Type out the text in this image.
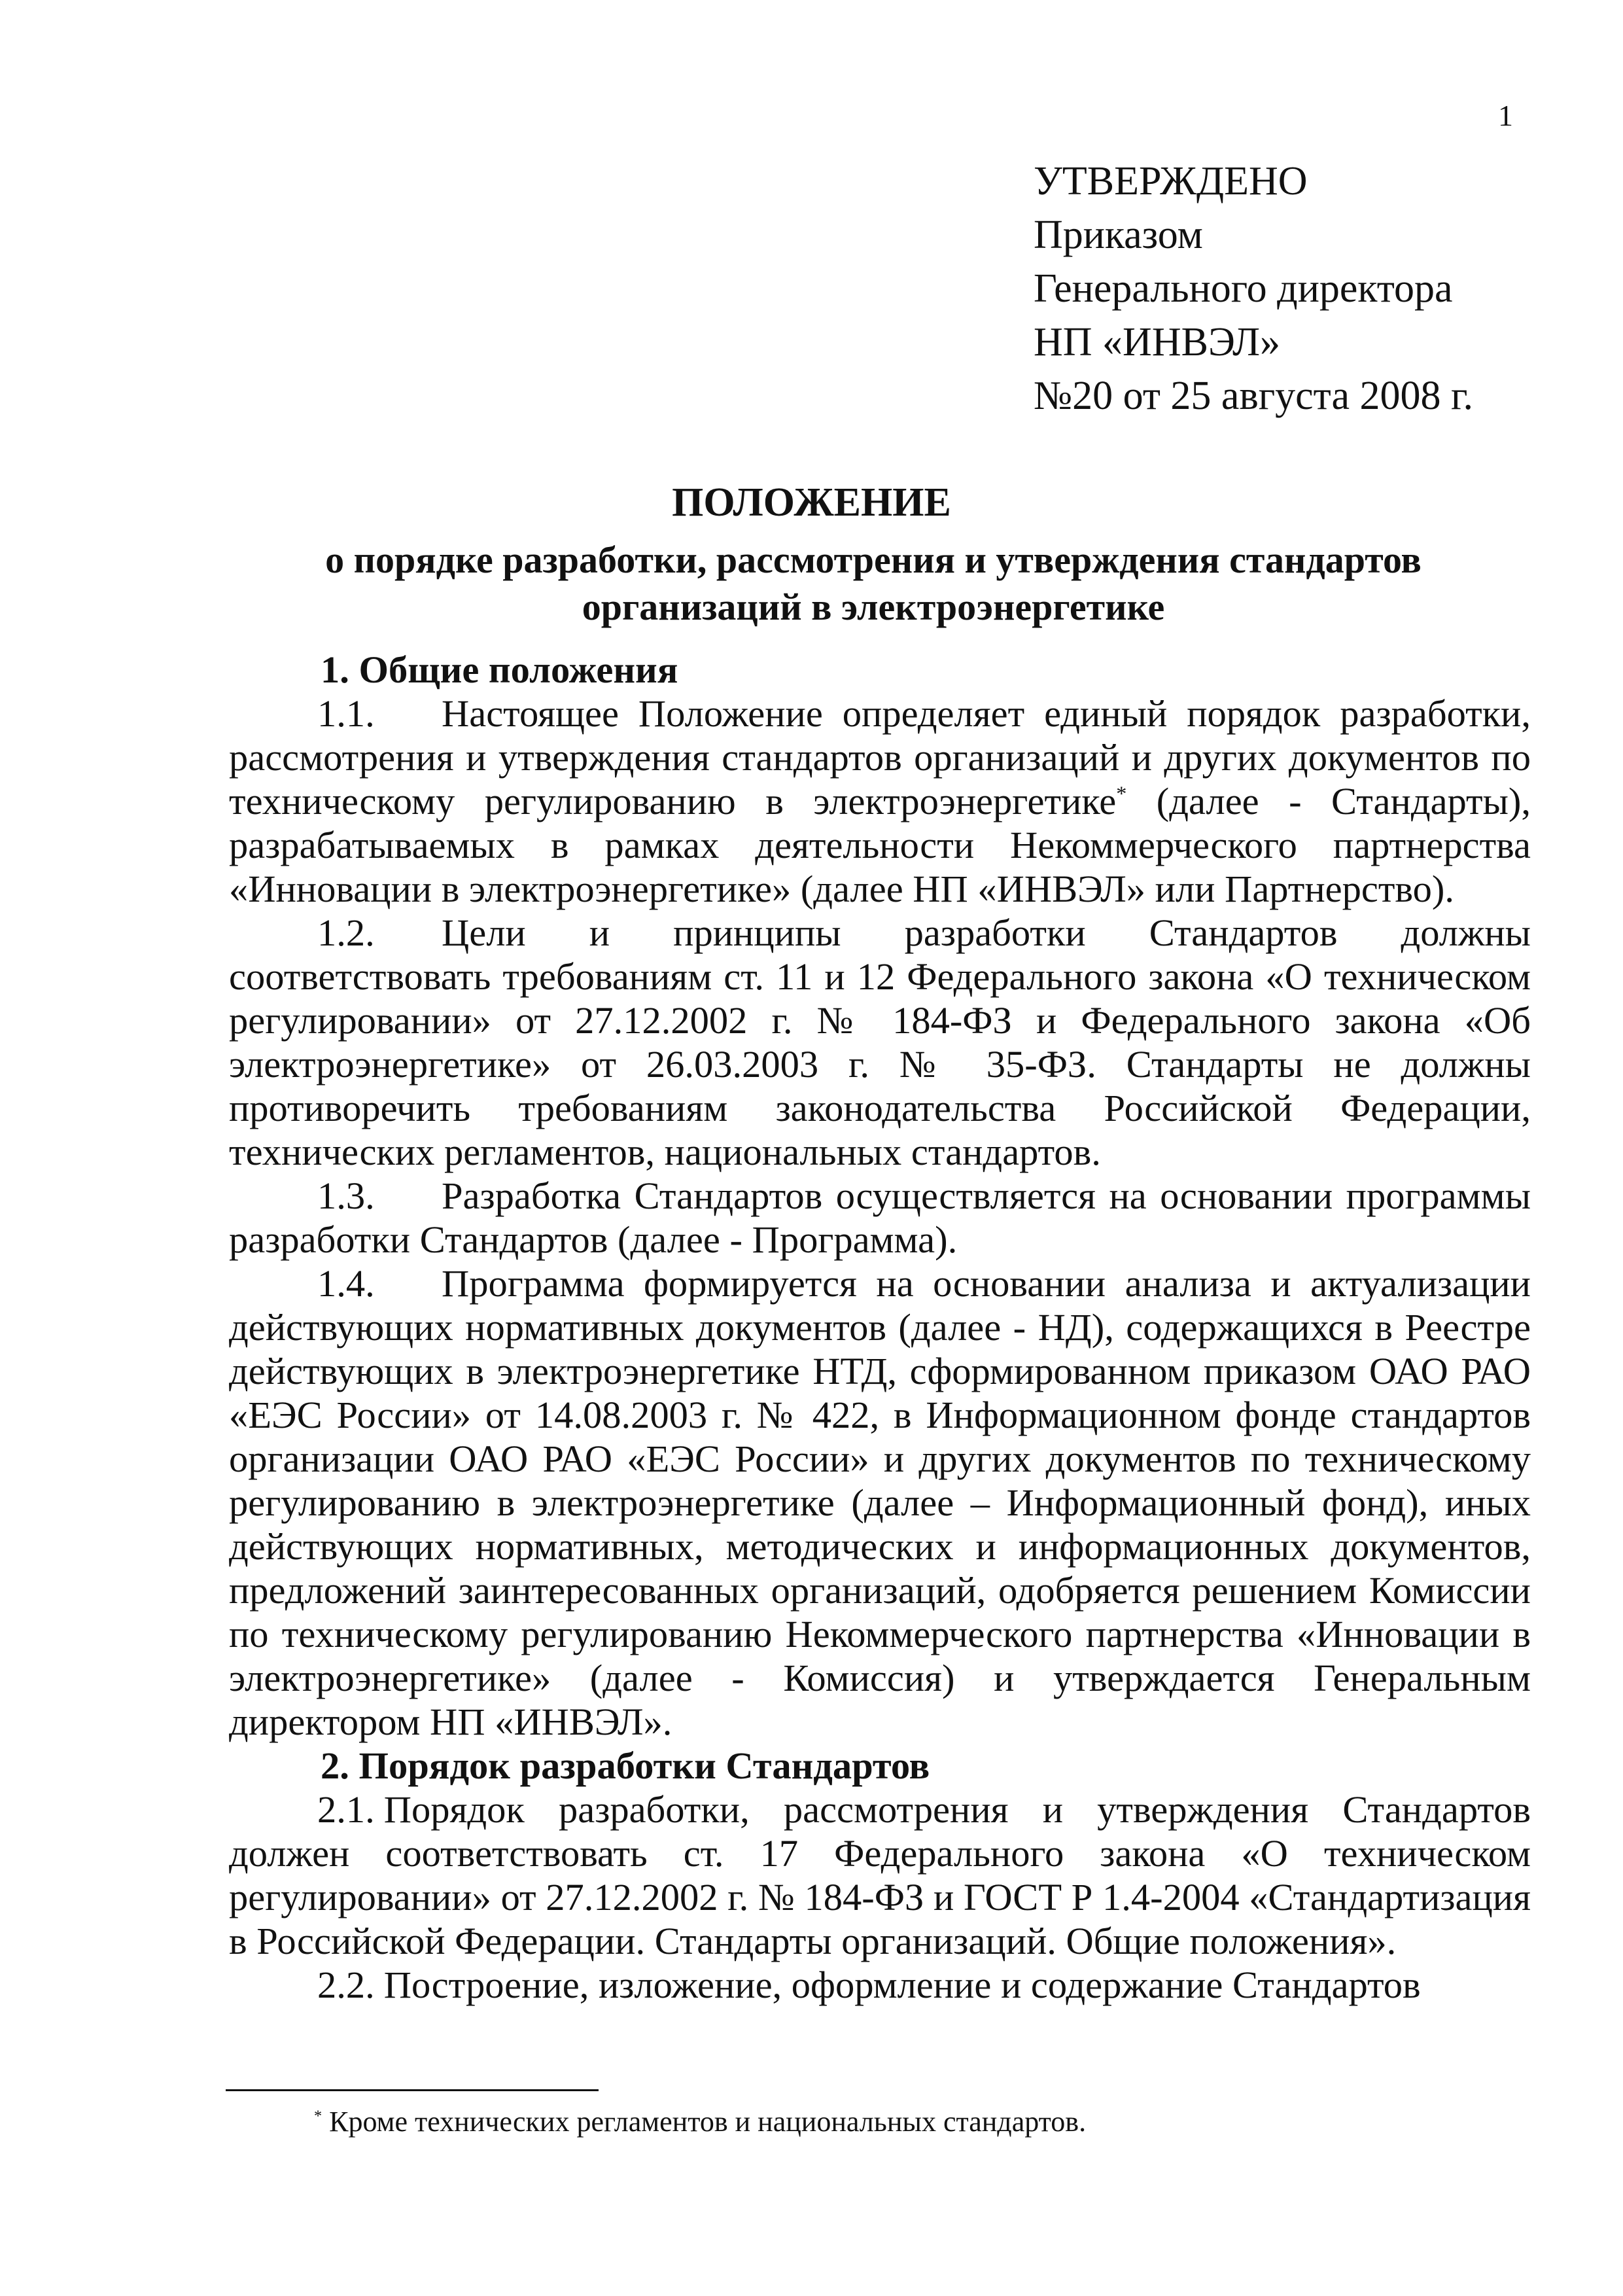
1
УТВЕРЖДЕНО
Приказом
Генерального директора
НП «ИНВЭЛ»
№20 от 25 августа 2008 г.
ПОЛОЖЕНИЕ
о порядке разработки, рассмотрения и утверждения стандартов организаций в электроэнергетике

1. Общие положения

1.1. Настоящее Положение определяет единый порядок разработки, рассмотрения и утверждения стандартов организаций и других документов по техническому регулированию в электроэнергетике* (далее - Стандарты), разрабатываемых в рамках деятельности Некоммерческого партнерства «Инновации в электроэнергетике» (далее НП «ИНВЭЛ» или Партнерство).

1.2. Цели и принципы разработки Стандартов должны соответствовать требованиям ст. 11 и 12 Федерального закона «О техническом регулировании» от 27.12.2002 г. № 184-ФЗ и Федерального закона «Об электроэнергетике» от 26.03.2003 г. № 35-ФЗ. Стандарты не должны противоречить требованиям законодательства Российской Федерации, технических регламентов, национальных стандартов.

1.3. Разработка Стандартов осуществляется на основании программы разработки Стандартов (далее - Программа).

1.4. Программа формируется на основании анализа и актуализации действующих нормативных документов (далее - НД), содержащихся в Реестре действующих в электроэнергетике НТД, сформированном приказом ОАО РАО «ЕЭС России» от 14.08.2003 г. № 422, в Информационном фонде стандартов организации ОАО РАО «ЕЭС России» и других документов по техническому регулированию в электроэнергетике (далее – Информационный фонд), иных действующих нормативных, методических и информационных документов, предложений заинтересованных организаций, одобряется решением Комиссии по техническому регулированию Некоммерческого партнерства «Инновации в электроэнергетике» (далее - Комиссия) и утверждается Генеральным директором НП «ИНВЭЛ».

2. Порядок разработки Стандартов

2.1. Порядок разработки, рассмотрения и утверждения Стандартов должен соответствовать ст. 17 Федерального закона «О техническом регулировании» от 27.12.2002 г. № 184-ФЗ и ГОСТ Р 1.4-2004 «Стандартизация в Российской Федерации. Стандарты организаций. Общие положения».

2.2. Построение, изложение, оформление и содержание Стандартов

* Кроме технических регламентов и национальных стандартов.
